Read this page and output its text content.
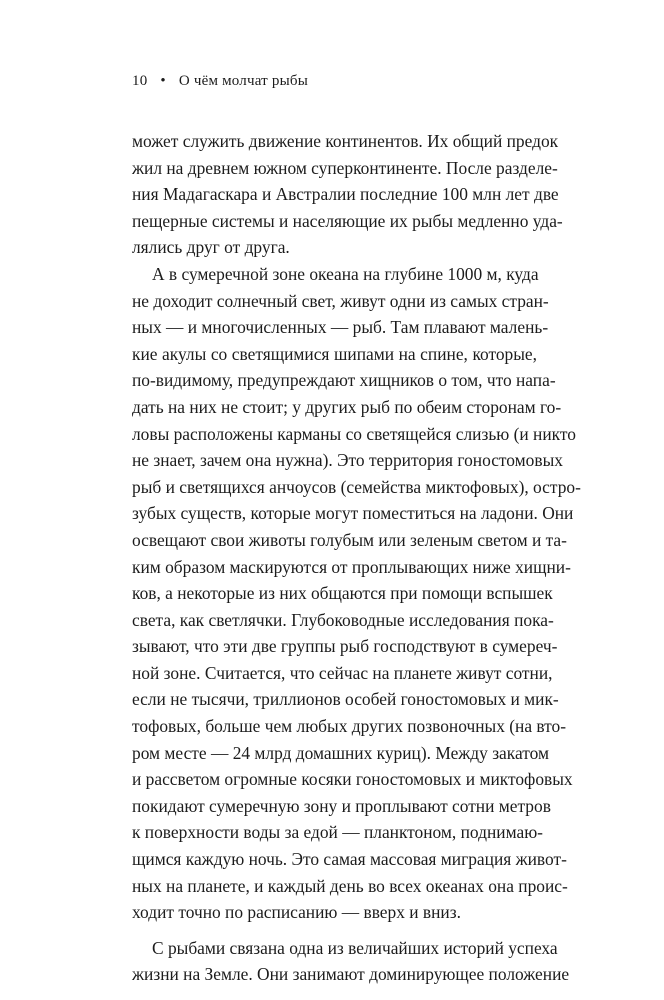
10 • О чём молчат рыбы
может служить движение континентов. Их общий предок
жил на древнем южном суперконтиненте. После разделе-
ния Мадагаскара и Австралии последние 100 млн лет две
пещерные системы и населяющие их рыбы медленно уда-
лялись друг от друга.
А в сумеречной зоне океана на глубине 1000 м, куда
не доходит солнечный свет, живут одни из самых стран-
ных — и многочисленных — рыб. Там плавают малень-
кие акулы со светящимися шипами на спине, которые,
по-видимому, предупреждают хищников о том, что напа-
дать на них не стоит; у других рыб по обеим сторонам го-
ловы расположены карманы со светящейся слизью (и никто
не знает, зачем она нужна). Это территория гоностомовых
рыб и светящихся анчоусов (семейства миктофовых), остро-
зубых существ, которые могут поместиться на ладони. Они
освещают свои животы голубым или зеленым светом и та-
ким образом маскируются от проплывающих ниже хищни-
ков, а некоторые из них общаются при помощи вспышек
света, как светлячки. Глубоководные исследования пока-
зывают, что эти две группы рыб господствуют в сумереч-
ной зоне. Считается, что сейчас на планете живут сотни,
если не тысячи, триллионов особей гоностомовых и мик-
тофовых, больше чем любых других позвоночных (на вто-
ром месте — 24 млрд домашних куриц). Между закатом
и рассветом огромные косяки гоностомовых и миктофовых
покидают сумеречную зону и проплывают сотни метров
к поверхности воды за едой — планктоном, поднимаю-
щимся каждую ночь. Это самая массовая миграция живот-
ных на планете, и каждый день во всех океанах она проис-
ходит точно по расписанию — вверх и вниз.
С рыбами связана одна из величайших историй успеха
жизни на Земле. Они занимают доминирующее положение
